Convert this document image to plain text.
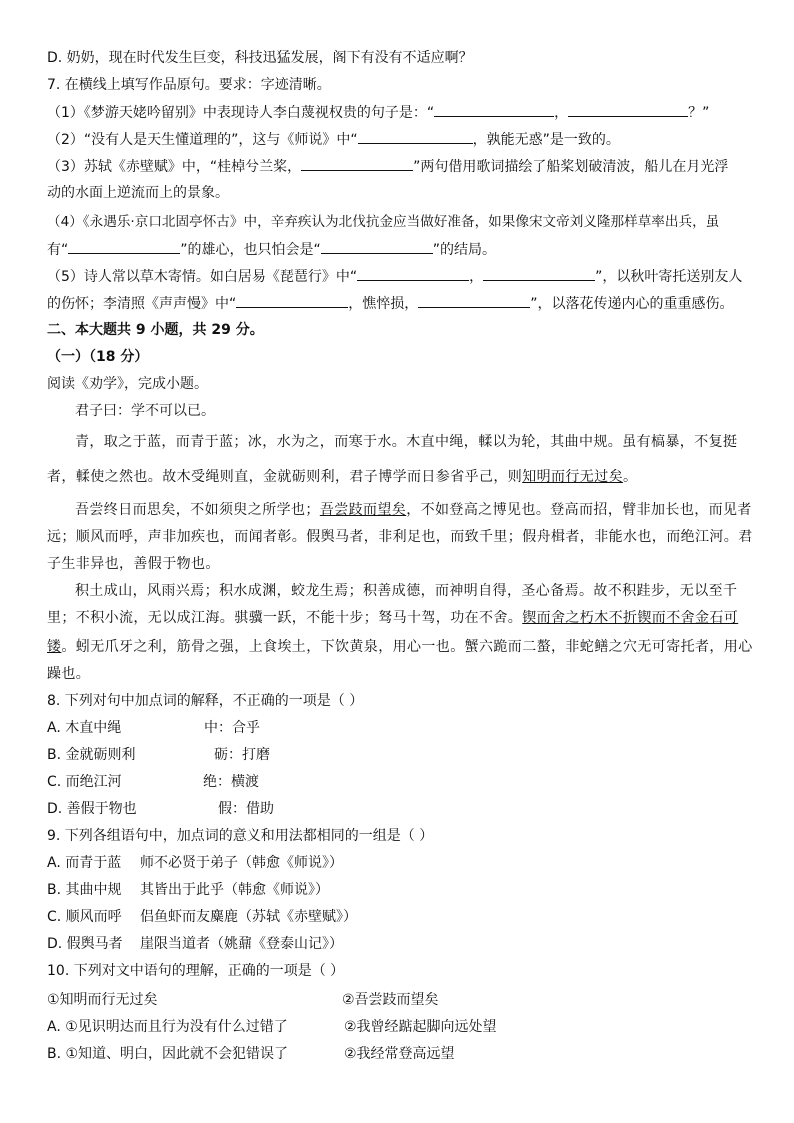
D. 奶奶，现在时代发生巨变，科技迅猛发展，阁下有没有不适应啊？
7. 在横线上填写作品原句。要求：字迹清晰。
（1）《梦游天姥吟留别》中表现诗人李白蔑视权贵的句子是：“	，	？”
（2）“没有人是天生懂道理的”，这与《师说》中“	，孰能无惑”是一致的。
（3）苏轼《赤壁赋》中，“桂棹兮兰桨，	”两句借用歌词描绘了船桨划破清波，船儿在月光浮
动的水面上逆流而上的景象。
（4）《永遇乐·京口北固亭怀古》中，辛弃疾认为北伐抗金应当做好准备，如果像宋文帝刘义隆那样草率出兵，虽
有“	”的雄心，也只怕会是“	”的结局。
（5）诗人常以草木寄情。如白居易《琵琶行》中“	，	”，以秋叶寄托送别友人
的伤怀；李清照《声声慢》中“	，憔悴损，	”，以落花传递内心的重重感伤。
二、本大题共 9 小题，共 29 分。
（一）（18 分）
阅读《劝学》，完成小题。
君子曰：学不可以已。
青，取之于蓝，而青于蓝；冰，水为之，而寒于水。木直中绳，輮以为轮，其曲中规。虽有槁暴，不复挺
者，輮使之然也。故木受绳则直，金就砺则利，君子博学而日参省乎己，则知明而行无过矣。
吾尝终日而思矣，不如须臾之所学也；吾尝跂而望矣，不如登高之博见也。登高而招，臂非加长也，而见者
远；顺风而呼，声非加疾也，而闻者彰。假舆马者，非利足也，而致千里；假舟楫者，非能水也，而绝江河。君
子生非异也，善假于物也。
积土成山，风雨兴焉；积水成渊，蛟龙生焉；积善成德，而神明自得，圣心备焉。故不积跬步，无以至千
里；不积小流，无以成江海。骐骥一跃，不能十步；驽马十驾，功在不舍。锲而舍之朽木不折锲而不舍金石可
镂。蚓无爪牙之利，筋骨之强，上食埃土，下饮黄泉，用心一也。蟹六跪而二螯，非蛇鳝之穴无可寄托者，用心
躁也。
8. 下列对句中加点词的解释，不正确的一项是（ ）
A. 木直中绳	中：合乎
B. 金就砺则利	砺：打磨
C. 而绝江河	绝：横渡
D. 善假于物也	假：借助
9. 下列各组语句中，加点词的意义和用法都相同的一组是（ ）
A. 而青于蓝 师不必贤于弟子（韩愈《师说》）
B. 其曲中规 其皆出于此乎（韩愈《师说》）
C. 顺风而呼 侣鱼虾而友麋鹿（苏轼《赤壁赋》）
D. 假舆马者 崖限当道者（姚鼐《登泰山记》）
10. 下列对文中语句的理解，正确的一项是（ ）
①知明而行无过矣	②吾尝跂而望矣
A. ①见识明达而且行为没有什么过错了	②我曾经踮起脚向远处望
B. ①知道、明白，因此就不会犯错误了	②我经常登高远望
